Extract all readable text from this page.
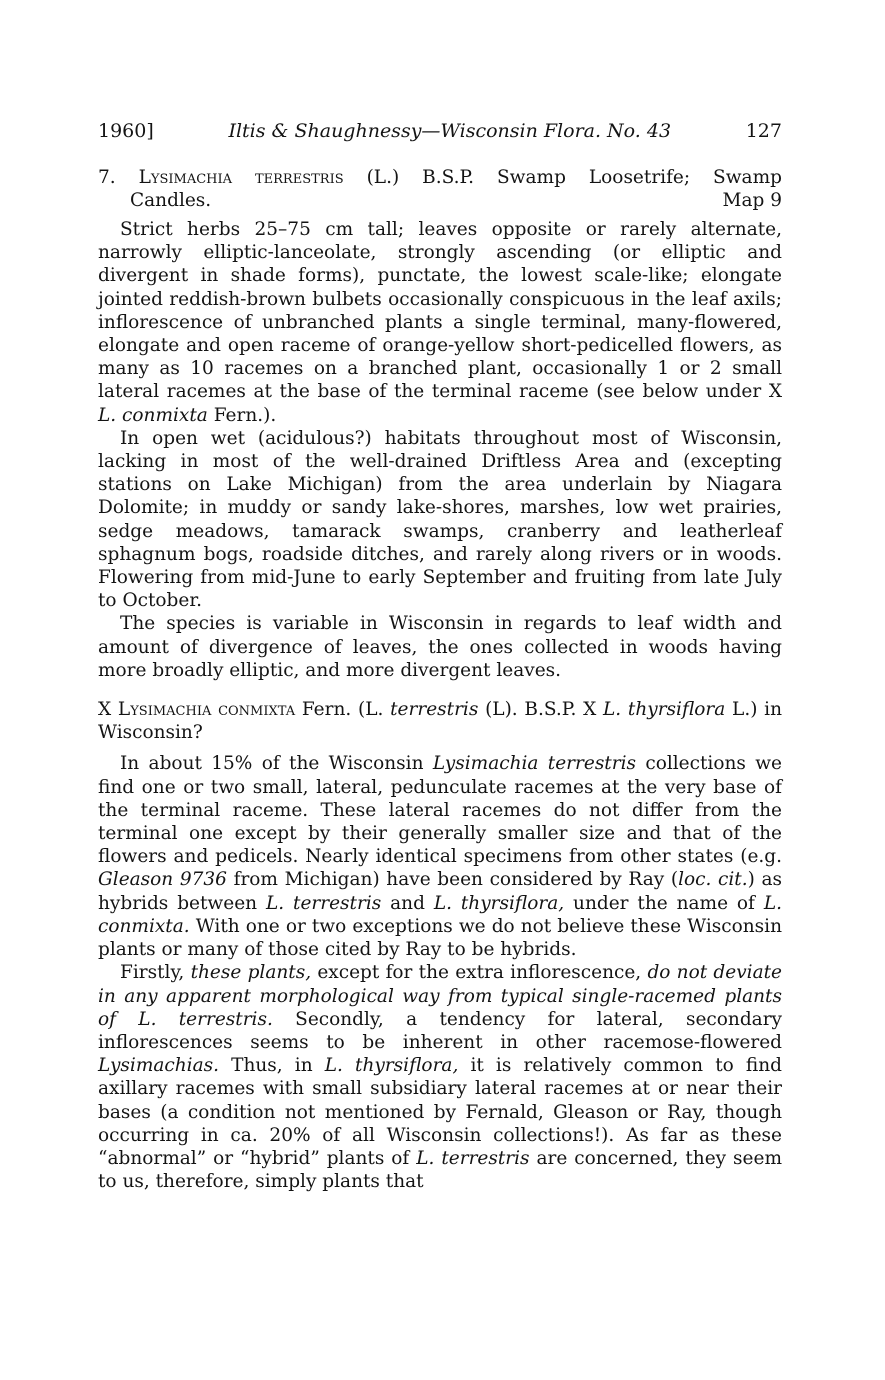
1960]	Iltis & Shaughnessy—Wisconsin Flora. No. 43	127
7. Lysimachia terrestris (L.) B.S.P. Swamp Loosetrife; Swamp
Candles.	Map 9

Strict herbs 25–75 cm tall; leaves opposite or rarely alternate, narrowly elliptic-lanceolate, strongly ascending (or elliptic and divergent in shade forms), punctate, the lowest scale-like; elongate jointed reddish-brown bulbets occasionally conspicuous in the leaf axils; inflorescence of unbranched plants a single terminal, many-flowered, elongate and open raceme of orange-yellow short-pedicelled flowers, as many as 10 racemes on a branched plant, occasionally 1 or 2 small lateral racemes at the base of the terminal raceme (see below under X L. conmixta Fern.).

In open wet (acidulous?) habitats throughout most of Wisconsin, lacking in most of the well-drained Driftless Area and (excepting stations on Lake Michigan) from the area underlain by Niagara Dolomite; in muddy or sandy lake-shores, marshes, low wet prairies, sedge meadows, tamarack swamps, cranberry and leatherleaf sphagnum bogs, roadside ditches, and rarely along rivers or in woods. Flowering from mid-June to early September and fruiting from late July to October.

The species is variable in Wisconsin in regards to leaf width and amount of divergence of leaves, the ones collected in woods having more broadly elliptic, and more divergent leaves.

X Lysimachia conmixta Fern. (L. terrestris (L). B.S.P. X L. thyrsiflora L.) in Wisconsin?

In about 15% of the Wisconsin Lysimachia terrestris collections we find one or two small, lateral, pedunculate racemes at the very base of the terminal raceme. These lateral racemes do not differ from the terminal one except by their generally smaller size and that of the flowers and pedicels. Nearly identical specimens from other states (e.g. Gleason 9736 from Michigan) have been considered by Ray (loc. cit.) as hybrids between L. terrestris and L. thyrsiflora, under the name of L. conmixta. With one or two exceptions we do not believe these Wisconsin plants or many of those cited by Ray to be hybrids.

Firstly, these plants, except for the extra inflorescence, do not deviate in any apparent morphological way from typical single-racemed plants of L. terrestris. Secondly, a tendency for lateral, secondary inflorescences seems to be inherent in other racemose-flowered Lysimachias. Thus, in L. thyrsiflora, it is relatively common to find axillary racemes with small subsidiary lateral racemes at or near their bases (a condition not mentioned by Fernald, Gleason or Ray, though occurring in ca. 20% of all Wisconsin collections!). As far as these “abnormal” or “hybrid” plants of L. terrestris are concerned, they seem to us, therefore, simply plants that
